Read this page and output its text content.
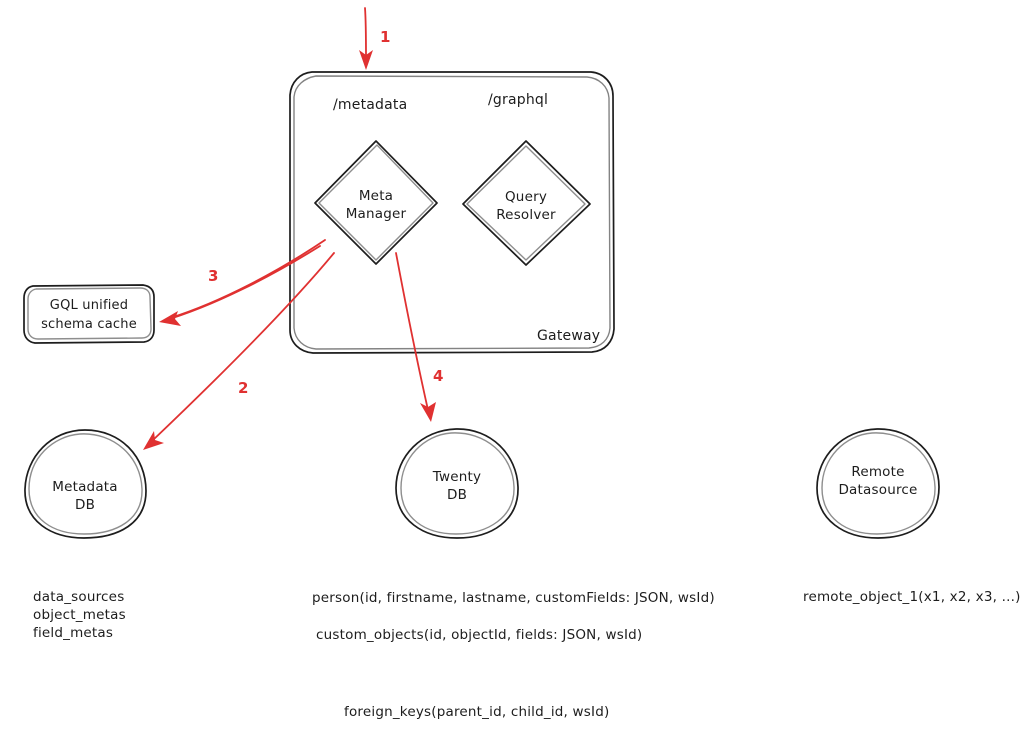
1
2
3
4
/metadata	/graphql
Gateway
Meta
Manager
Query
Resolver
GQL unified
schema cache
Metadata
DB
Twenty
DB
Remote
Datasource
data_sources
object_metas
field_metas
person(id, firstname, lastname, customFields: JSON, wsId)
custom_objects(id, objectId, fields: JSON, wsId)
remote_object_1(x1, x2, x3, ...)
foreign_keys(parent_id, child_id, wsId)
